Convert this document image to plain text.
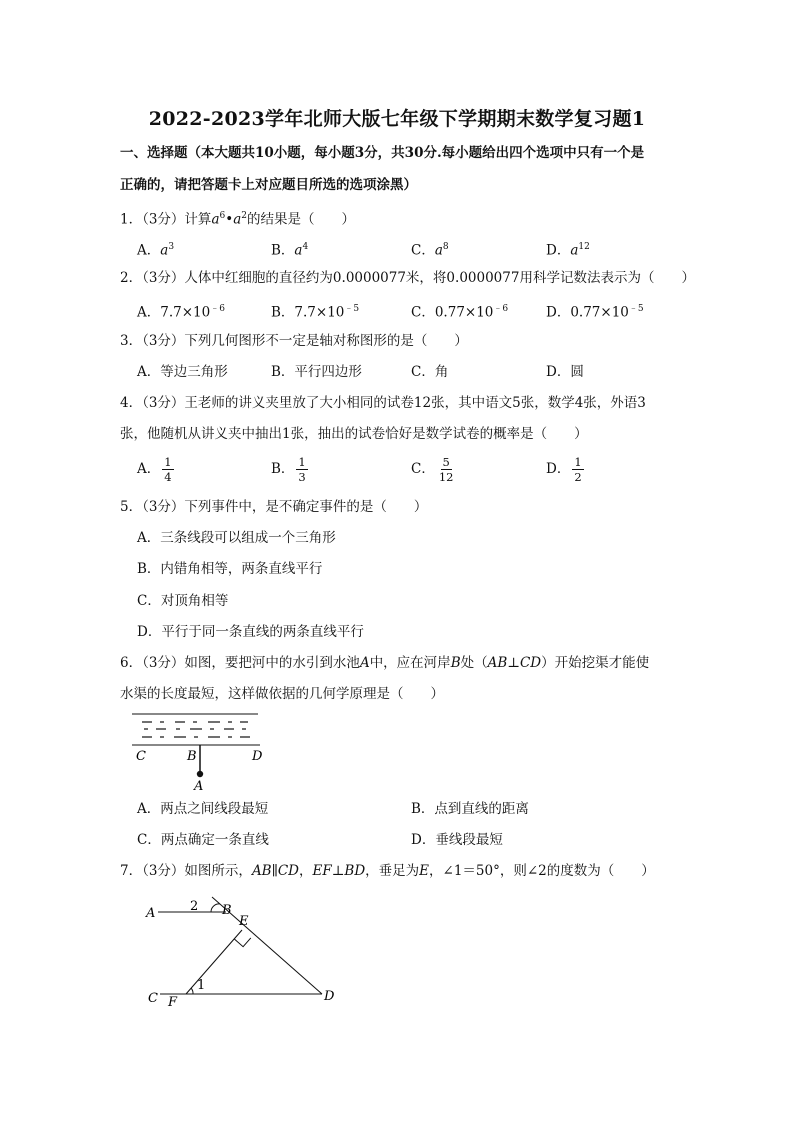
2022-2023学年北师大版七年级下学期期末数学复习题1
一、选择题（本大题共10小题，每小题3分，共30分.每小题给出四个选项中只有一个是
正确的，请把答题卡上对应题目所选的选项涂黑）
1．（3分）计算$a^6•a^2$的结果是（　　）
A．$a^3$	B．$a^4$	C．$a^8$	D．$a^{12}$
2．（3分）人体中红细胞的直径约为0.0000077米，将0.0000077用科学记数法表示为（　　）
A．$7.7\times 10^{﹣6}$	B．$7.7\times 10^{﹣5}$	C．$0.77\times 10^{﹣6}$	D．$0.77\times 10^{﹣5}$
3．（3分）下列几何图形不一定是轴对称图形的是（　　）
A．等边三角形	B．平行四边形	C．角	D．圆
4．（3分）王老师的讲义夹里放了大小相同的试卷12张，其中语文5张，数学4张，外语3
张，他随机从讲义夹中抽出1张，抽出的试卷恰好是数学试卷的概率是（　　）
A． $\frac{1}{4}$	B． $\frac{1}{3}$	C． $\frac{5}{12}$	D． $\frac{1}{2}$
5．（3分）下列事件中，是不确定事件的是（　　）
A．三条线段可以组成一个三角形
B．内错角相等，两条直线平行
C．对顶角相等
D．平行于同一条直线的两条直线平行
6．（3分）如图，要把河中的水引到水池A中，应在河岸B处（AB⊥CD）开始挖渠才能使
水渠的长度最短，这样做依据的几何学原理是（　　）
C	B	D
A
A．两点之间线段最短	B．点到直线的距离
C．两点确定一条直线	D．垂线段最短
7．（3分）如图所示，AB∥CD，EF⊥BD，垂足为E，∠1＝50°，则∠2的度数为（　　）
A	2 B
E
C F
1
D
